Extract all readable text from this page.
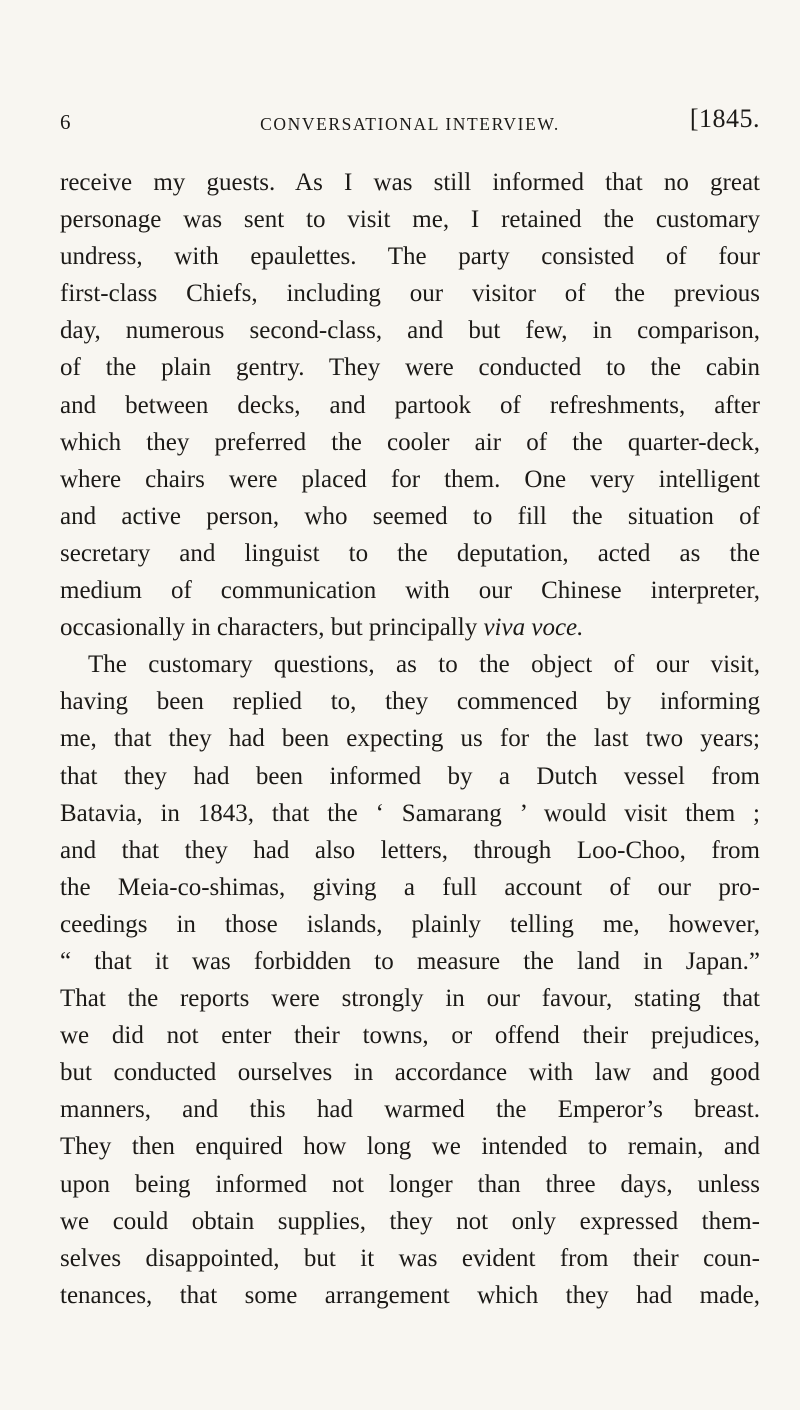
6	CONVERSATIONAL INTERVIEW.	[1845.
receive my guests. As I was still informed that no great
personage was sent to visit me, I retained the customary
undress, with epaulettes. The party consisted of four
first-class Chiefs, including our visitor of the previous
day, numerous second-class, and but few, in comparison,
of the plain gentry. They were conducted to the cabin
and between decks, and partook of refreshments, after
which they preferred the cooler air of the quarter-deck,
where chairs were placed for them. One very intelligent
and active person, who seemed to fill the situation of
secretary and linguist to the deputation, acted as the
medium of communication with our Chinese interpreter,
occasionally in characters, but principally viva voce.
The customary questions, as to the object of our visit,
having been replied to, they commenced by informing
me, that they had been expecting us for the last two years;
that they had been informed by a Dutch vessel from
Batavia, in 1843, that the ‘ Samarang ’ would visit them ;
and that they had also letters, through Loo-Choo, from
the Meia-co-shimas, giving a full account of our pro-
ceedings in those islands, plainly telling me, however,
“ that it was forbidden to measure the land in Japan.”
That the reports were strongly in our favour, stating that
we did not enter their towns, or offend their prejudices,
but conducted ourselves in accordance with law and good
manners, and this had warmed the Emperor’s breast.
They then enquired how long we intended to remain, and
upon being informed not longer than three days, unless
we could obtain supplies, they not only expressed them-
selves disappointed, but it was evident from their coun-
tenances, that some arrangement which they had made,
